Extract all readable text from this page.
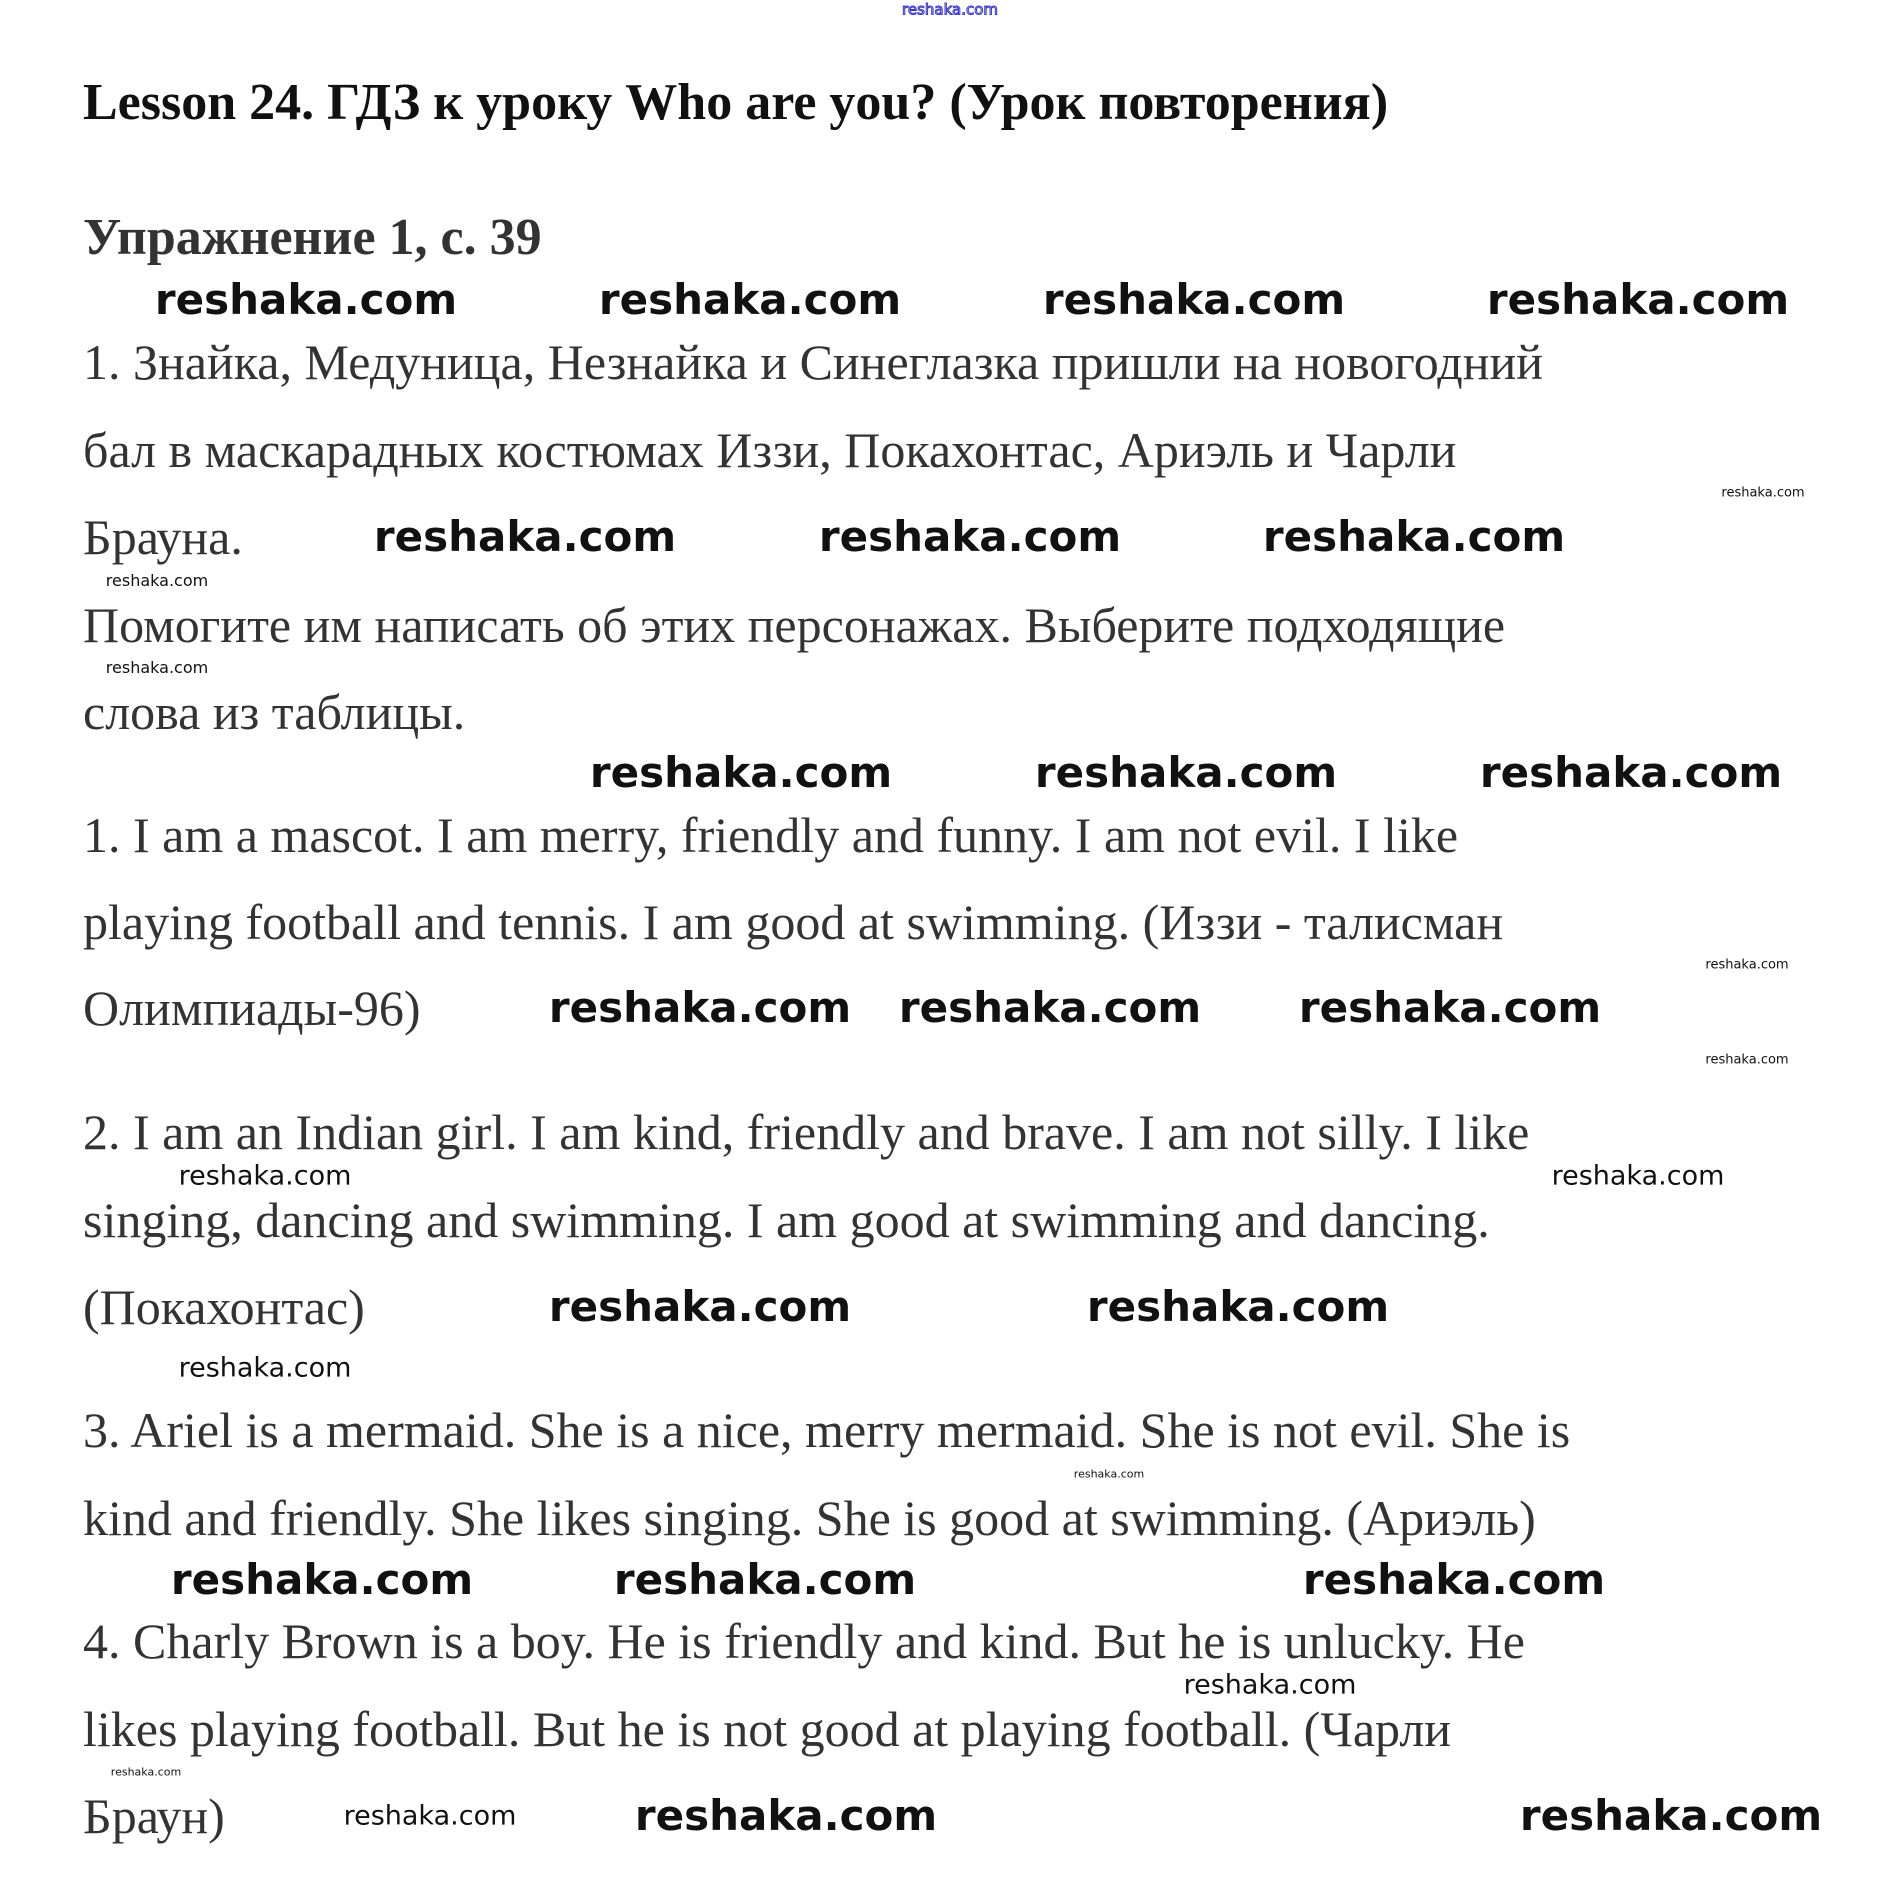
reshaka.com
Lesson 24. ГДЗ к уроку Who are you? (Урок повторения)
Упражнение 1, с. 39
1. Знайка, Медуница, Незнайка и Синеглазка пришли на новогодний
бал в маскарадных костюмах Иззи, Покахонтас, Ариэль и Чарли
Брауна.
Помогите им написать об этих персонажах. Выберите подходящие
слова из таблицы.
1. I am a mascot. I am merry, friendly and funny. I am not evil. I like
playing football and tennis. I am good at swimming. (Иззи - талисман
Олимпиады-96)
2. I am an Indian girl. I am kind, friendly and brave. I am not silly. I like
singing, dancing and swimming. I am good at swimming and dancing.
(Покахонтас)
3. Ariel is a mermaid. She is a nice, merry mermaid. She is not evil. She is
kind and friendly. She likes singing. She is good at swimming. (Ариэль)
4. Charly Brown is a boy. He is friendly and kind. But he is unlucky. He
likes playing football. But he is not good at playing football. (Чарли
Браун)
reshaka.com	reshaka.com	reshaka.com	reshaka.com
reshaka.com	reshaka.com	reshaka.com
reshaka.com	reshaka.com	reshaka.com
reshaka.com reshaka.com reshaka.com
reshaka.com	reshaka.com
reshaka.com	reshaka.com	reshaka.com
reshaka.com
reshaka.com
reshaka.com	reshaka.com
reshaka.com
reshaka.com
reshaka.com
reshaka.com
reshaka.com
reshaka.com
reshaka.com
reshaka.com
reshaka.com
reshaka.com
